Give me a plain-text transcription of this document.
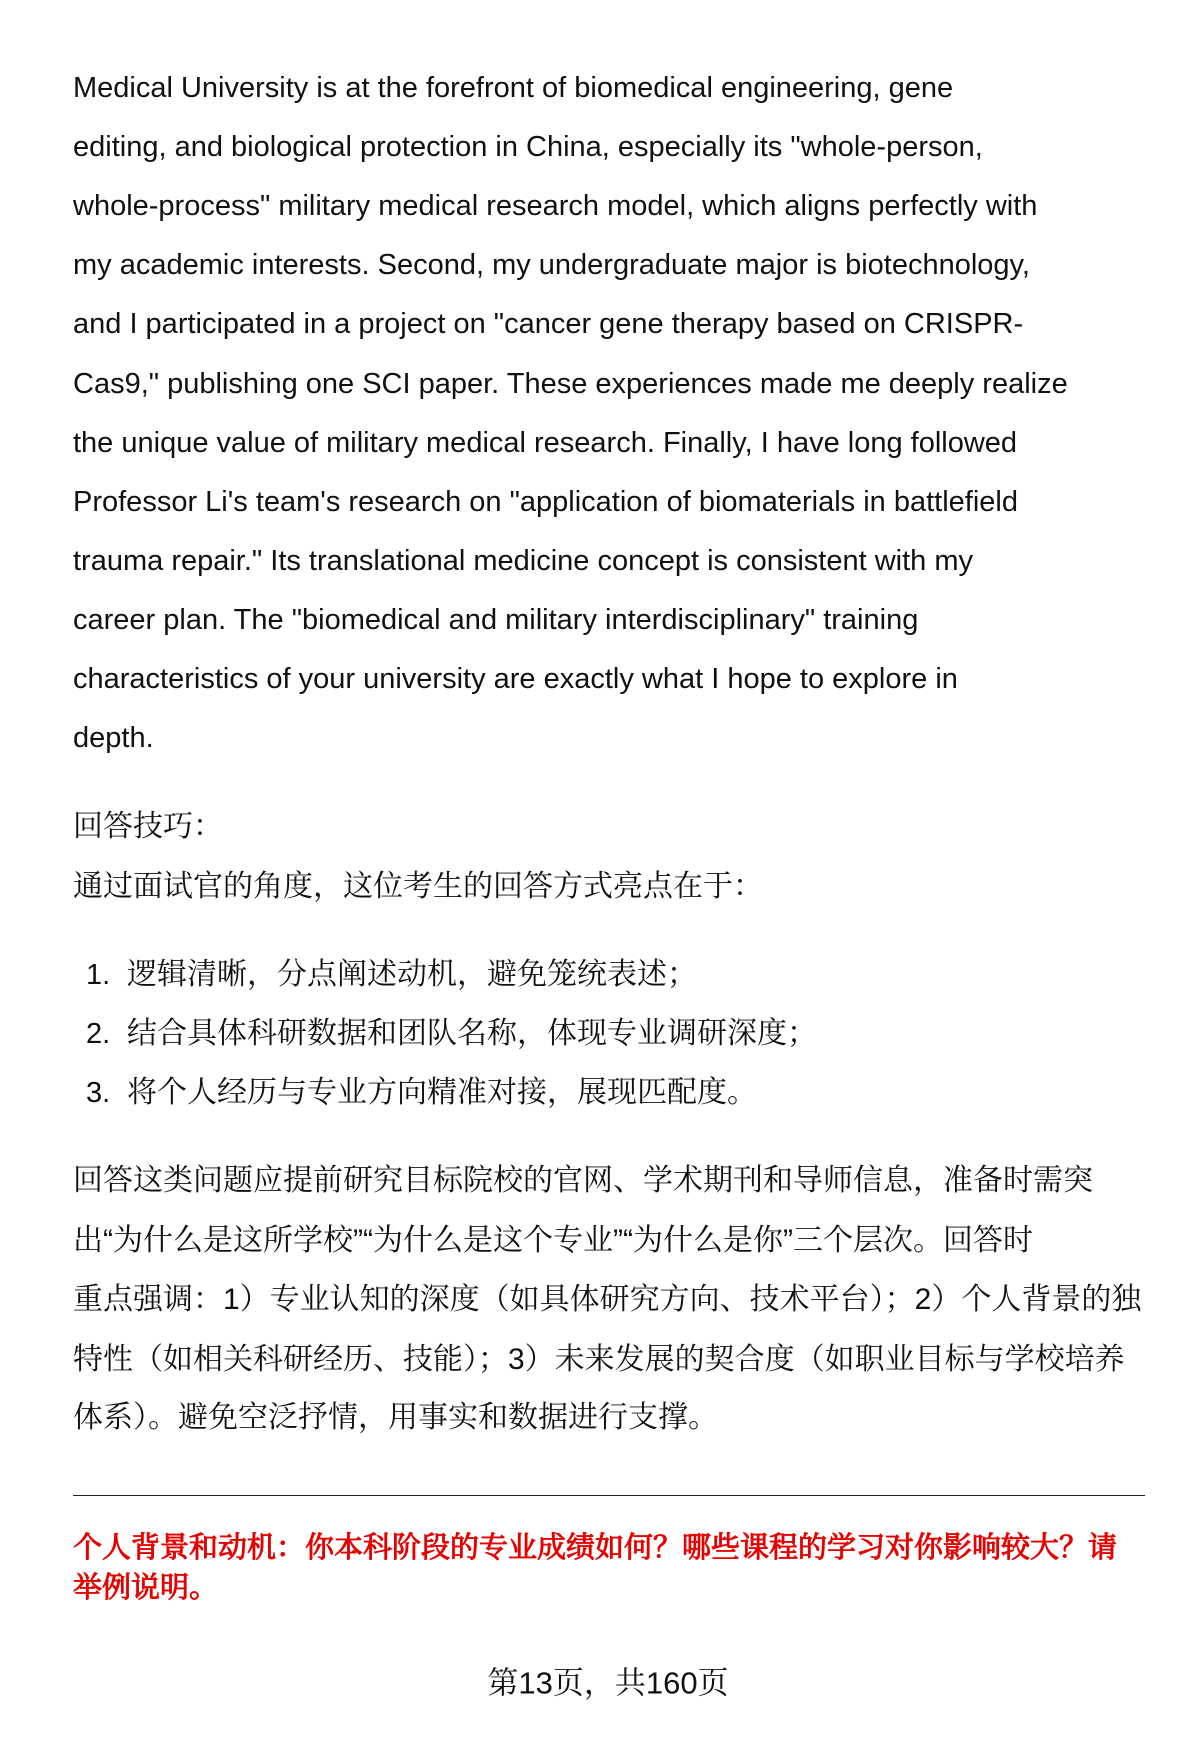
Medical University is at the forefront of biomedical engineering, gene
editing, and biological protection in China, especially its "whole-person,
whole-process" military medical research model, which aligns perfectly with
my academic interests. Second, my undergraduate major is biotechnology,
and I participated in a project on "cancer gene therapy based on CRISPR-
Cas9," publishing one SCI paper. These experiences made me deeply realize
the unique value of military medical research. Finally, I have long followed
Professor Li's team's research on "application of biomaterials in battlefield
trauma repair." Its translational medicine concept is consistent with my
career plan. The "biomedical and military interdisciplinary" training
characteristics of your university are exactly what I hope to explore in
depth.
回答技巧：
通过面试官的角度，这位考生的回答方式亮点在于：
1. 逻辑清晰，分点阐述动机，避免笼统表述；
2. 结合具体科研数据和团队名称，体现专业调研深度；
3. 将个人经历与专业方向精准对接，展现匹配度。
回答这类问题应提前研究目标院校的官网、学术期刊和导师信息，准备时需突
出“为什么是这所学校”“为什么是这个专业”“为什么是你”三个层次。回答时
重点强调：1）专业认知的深度（如具体研究方向、技术平台）；2）个人背景的独
特性（如相关科研经历、技能）；3）未来发展的契合度（如职业目标与学校培养
体系）。避免空泛抒情，用事实和数据进行支撑。
个人背景和动机：你本科阶段的专业成绩如何？哪些课程的学习对你影响较大？请
举例说明。
第13页，共160页
